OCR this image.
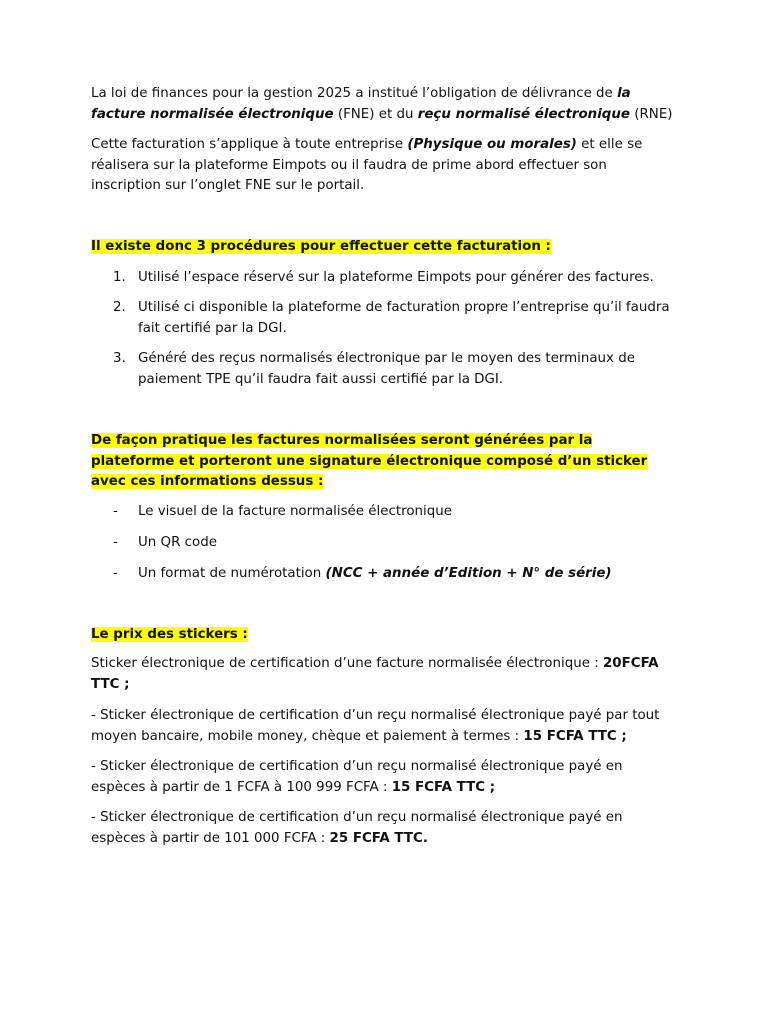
La loi de finances pour la gestion 2025 a institué l’obligation de délivrance de la facture normalisée électronique (FNE) et du reçu normalisé électronique (RNE)

Cette facturation s’applique à toute entreprise (Physique ou morales) et elle se réalisera sur la plateforme Eimpots ou il faudra de prime abord effectuer son inscription sur l’onglet FNE sur le portail.

Il existe donc 3 procédures pour effectuer cette facturation :

1. Utilisé l’espace réservé sur la plateforme Eimpots pour générer des factures.

2. Utilisé ci disponible la plateforme de facturation propre l’entreprise qu’il faudra fait certifié par la DGI.

3. Généré des reçus normalisés électronique par le moyen des terminaux de paiement TPE qu’il faudra fait aussi certifié par la DGI.

De façon pratique les factures normalisées seront générées par la plateforme et porteront une signature électronique composé d’un sticker avec ces informations dessus :

- Le visuel de la facture normalisée électronique

- Un QR code

- Un format de numérotation (NCC + année d’Edition + N° de série)

Le prix des stickers :

Sticker électronique de certification d’une facture normalisée électronique : 20FCFA TTC ;

- Sticker électronique de certification d’un reçu normalisé électronique payé par tout moyen bancaire, mobile money, chèque et paiement à termes : 15 FCFA TTC ;

- Sticker électronique de certification d’un reçu normalisé électronique payé en espèces à partir de 1 FCFA à 100 999 FCFA : 15 FCFA TTC ;

- Sticker électronique de certification d’un reçu normalisé électronique payé en espèces à partir de 101 000 FCFA : 25 FCFA TTC.
